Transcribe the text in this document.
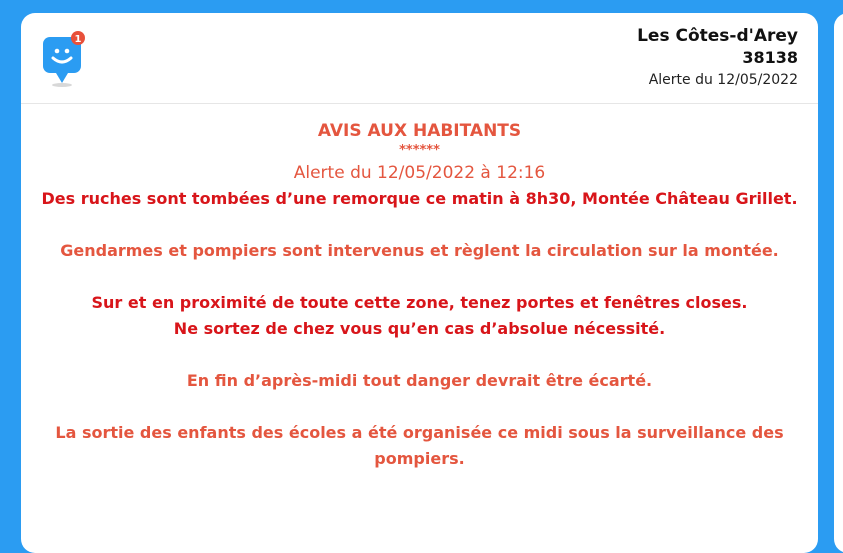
1	Les Côtes-d'Arey
38138
Alerte du 12/05/2022
AVIS AUX HABITANTS
******
Alerte du 12/05/2022 à 12:16
Des ruches sont tombées d’une remorque ce matin à 8h30, Montée Château Grillet.
Gendarmes et pompiers sont intervenus et règlent la circulation sur la montée.
Sur et en proximité de toute cette zone, tenez portes et fenêtres closes.
Ne sortez de chez vous qu’en cas d’absolue nécessité.
En fin d’après-midi tout danger devrait être écarté.
La sortie des enfants des écoles a été organisée ce midi sous la surveillance des pompiers.
